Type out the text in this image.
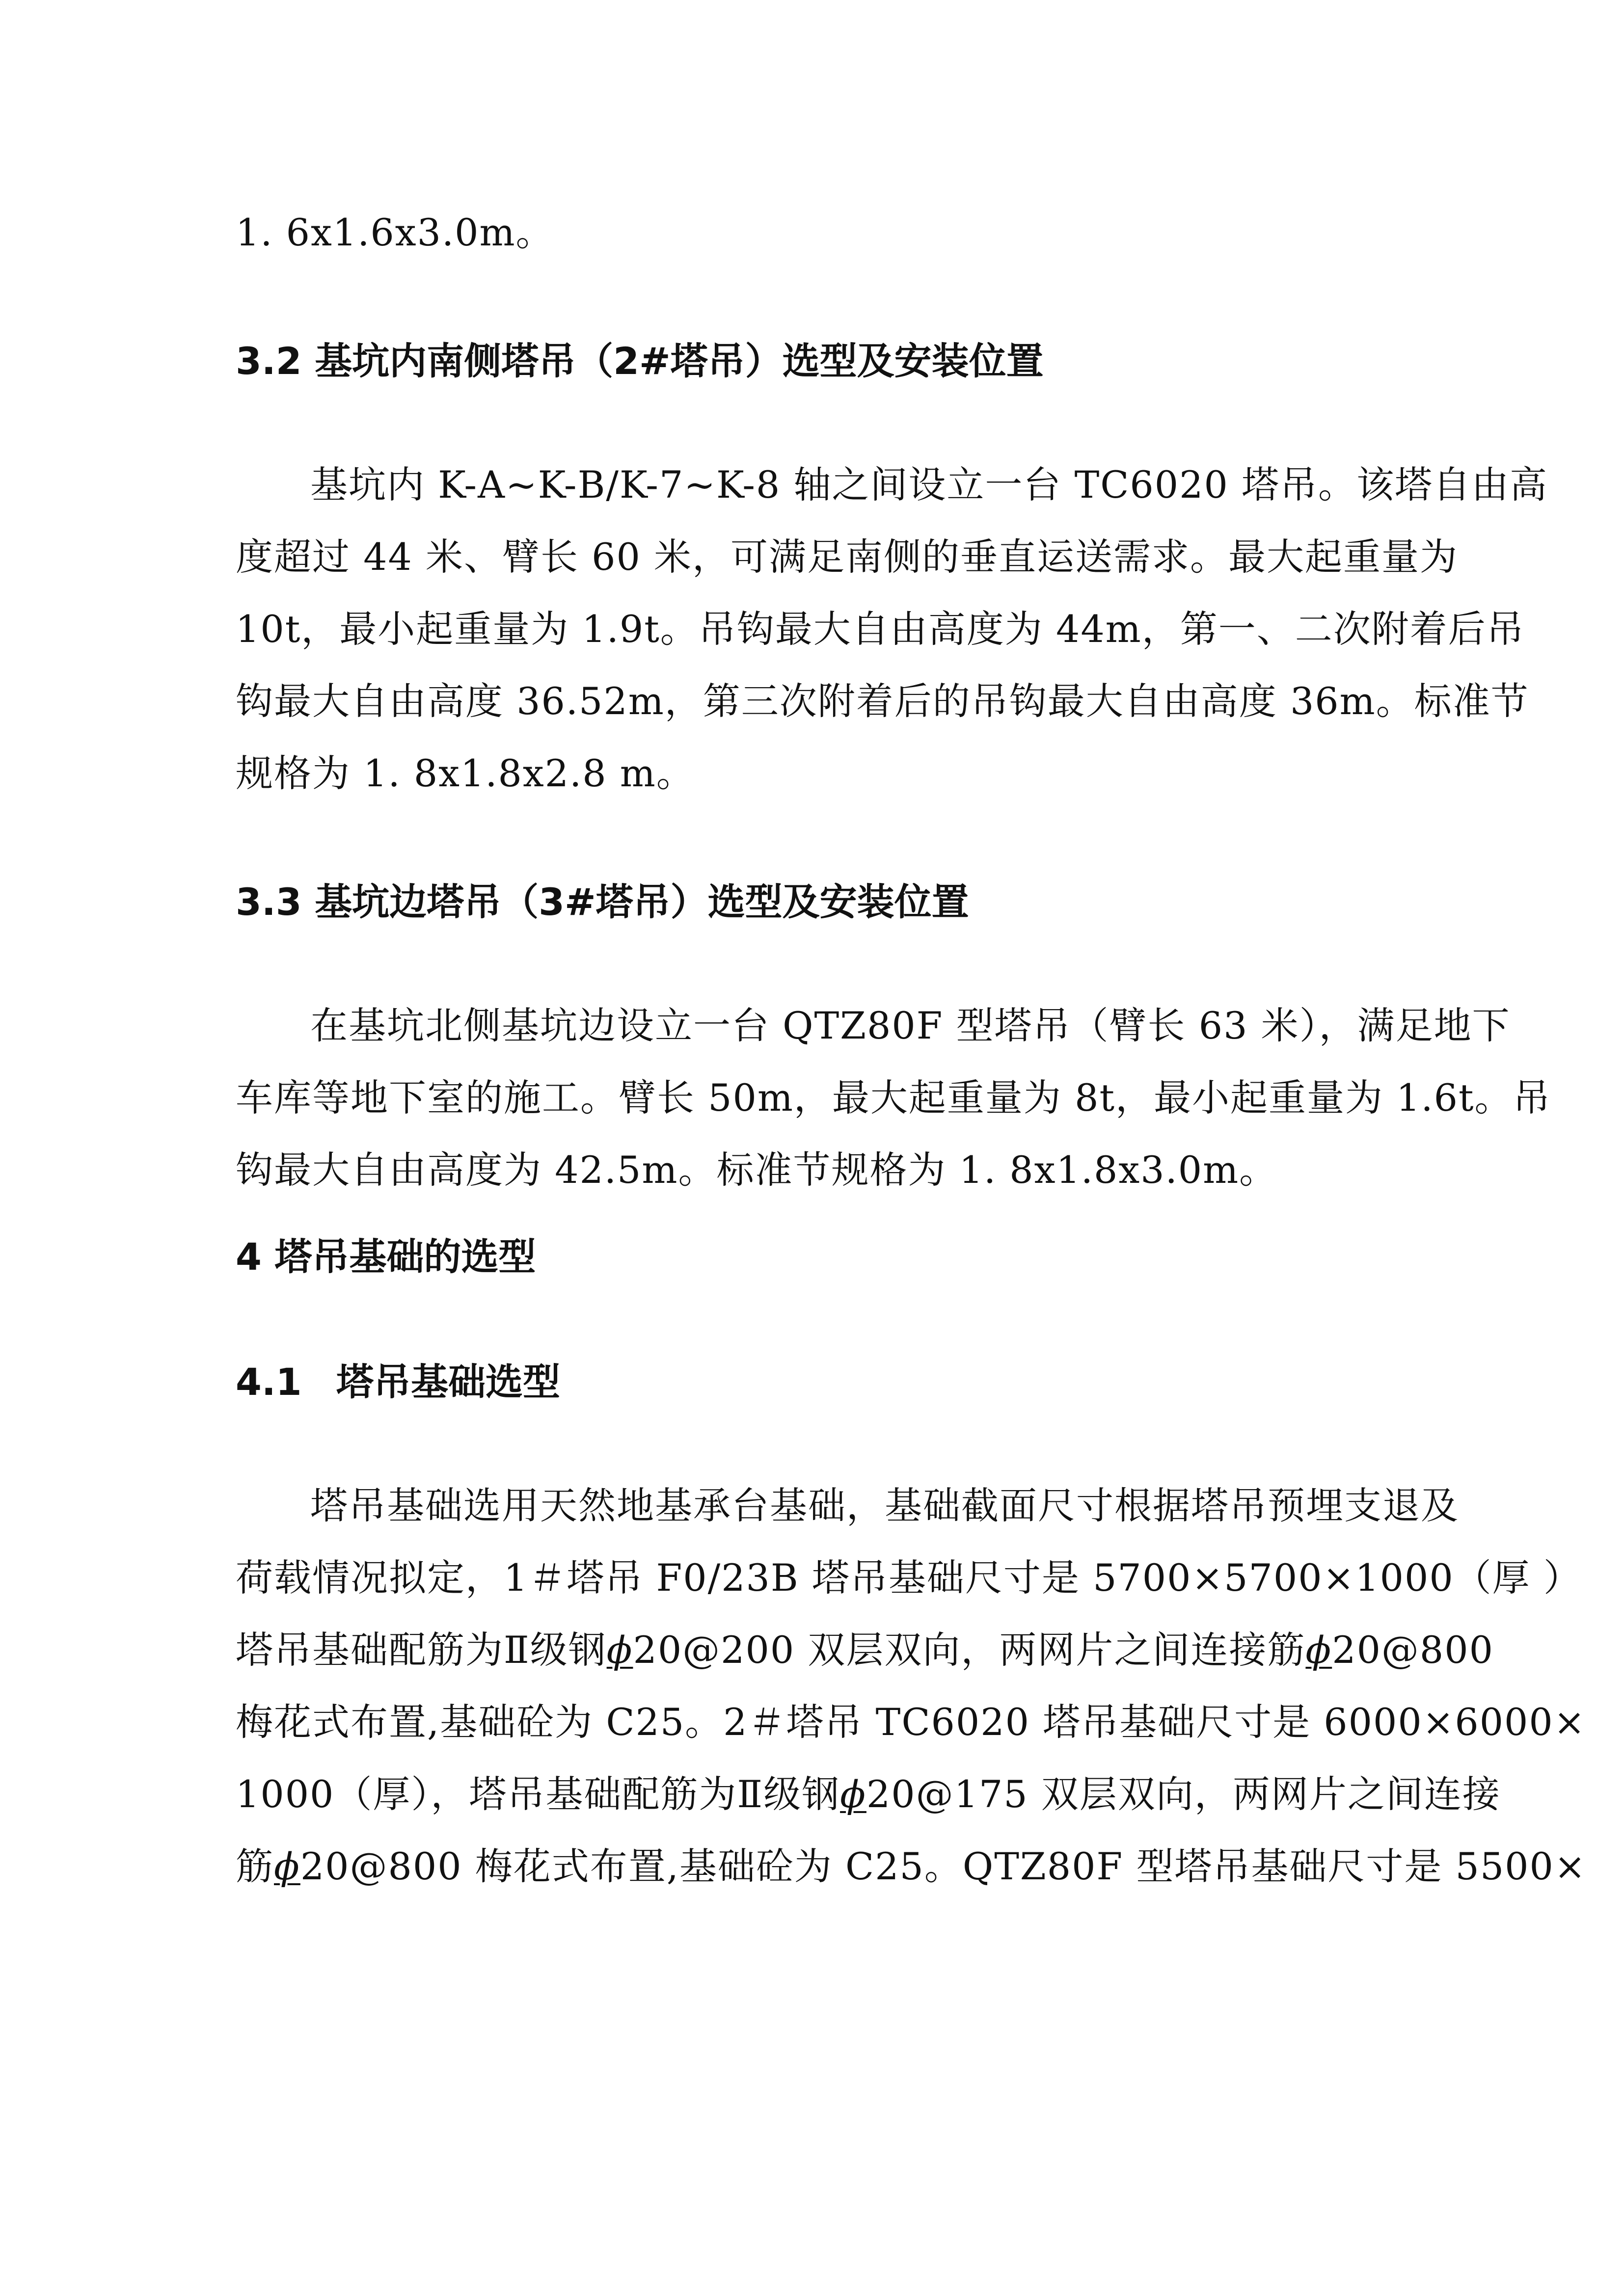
1. 6x1.6x3.0m。
3.2 基坑内南侧塔吊（2#塔吊）选型及安装位置
基坑内 K-A~K-B/K-7~K-8 轴之间设立一台 TC6020 塔吊。该塔自由高
度超过 44 米、臂长 60 米，可满足南侧的垂直运送需求。最大起重量为
10t，最小起重量为 1.9t。吊钩最大自由高度为 44m，第一、二次附着后吊
钩最大自由高度 36.52m，第三次附着后的吊钩最大自由高度 36m。标准节
规格为 1. 8x1.8x2.8 m。
3.3 基坑边塔吊（3#塔吊）选型及安装位置
在基坑北侧基坑边设立一台 QTZ80F 型塔吊（臂长 63 米），满足地下
车库等地下室的施工。臂长 50m，最大起重量为 8t，最小起重量为 1.6t。吊
钩最大自由高度为 42.5m。标准节规格为 1. 8x1.8x3.0m。
4 塔吊基础的选型
4.1 塔吊基础选型
塔吊基础选用天然地基承台基础，基础截面尺寸根据塔吊预埋支退及
荷载情况拟定，1＃塔吊 F0/23B 塔吊基础尺寸是 5700×5700×1000（厚 ）
塔吊基础配筋为Ⅱ级钢ϕ20@200 双层双向，两网片之间连接筋ϕ20@800
梅花式布置,基础砼为 C25。2＃塔吊 TC6020 塔吊基础尺寸是 6000×6000×
1000（厚），塔吊基础配筋为Ⅱ级钢ϕ20@175 双层双向，两网片之间连接
筋ϕ20@800 梅花式布置,基础砼为 C25。QTZ80F 型塔吊基础尺寸是 5500×
